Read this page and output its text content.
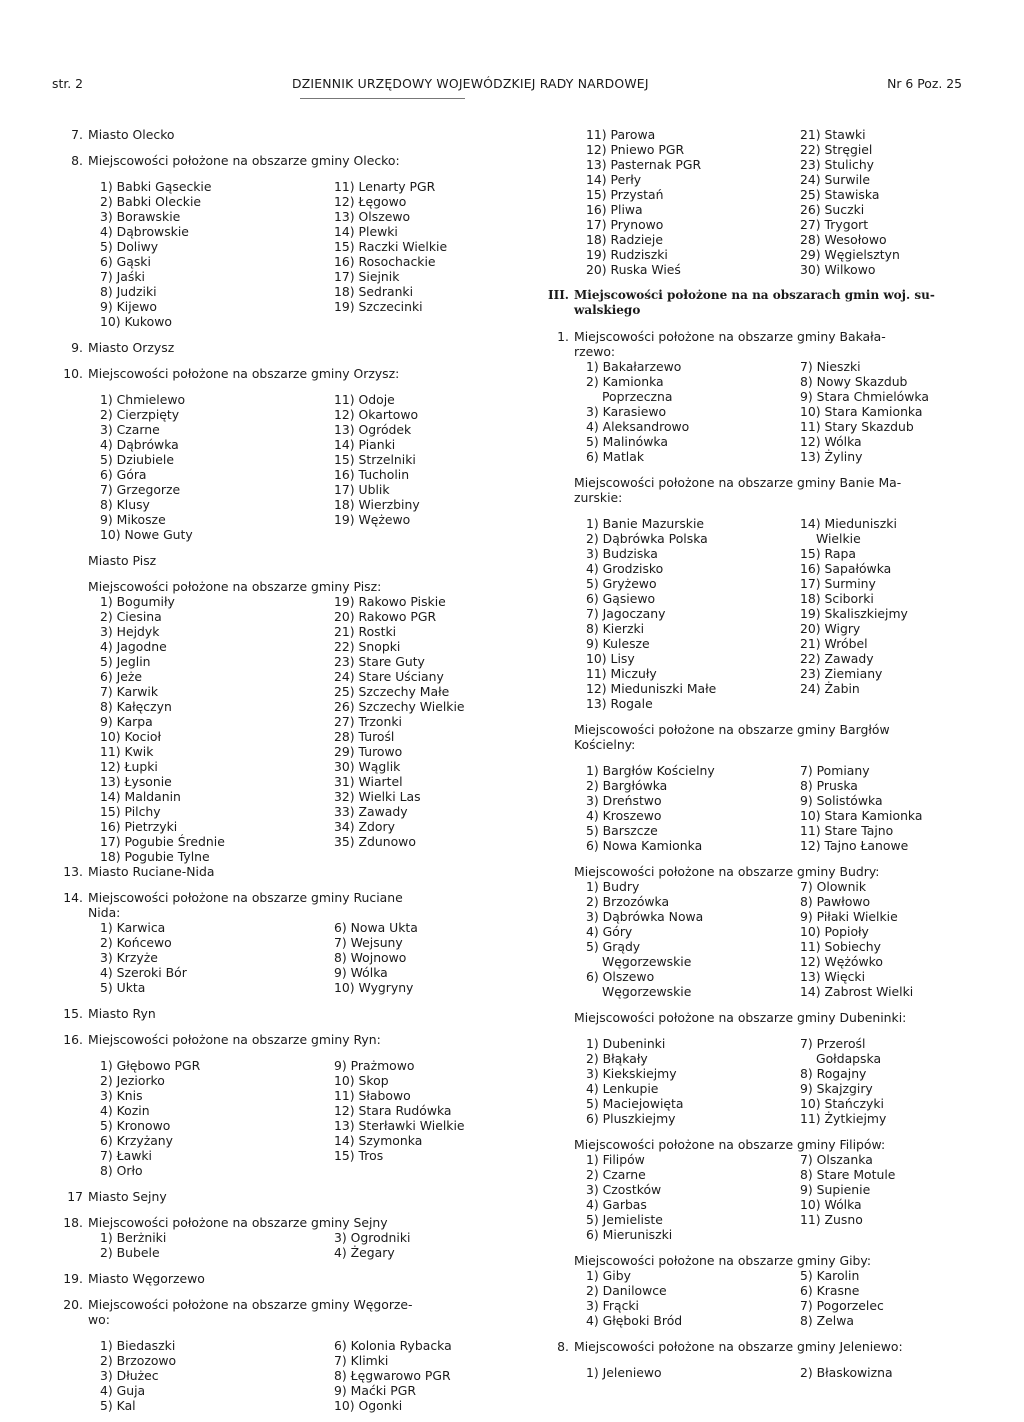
str. 2	DZIENNIK URZĘDOWY WOJEWÓDZKIEJ RADY NARDOWEJ	Nr 6 Poz. 25
7. Miasto Olecko
8. Miejscowości położone na obszarze gminy Olecko:
1) Babki Gąseckie	11) Lenarty PGR
2) Babki Oleckie	12) Łęgowo
3) Borawskie	13) Olszewo
4) Dąbrowskie	14) Plewki
5) Doliwy	15) Raczki Wielkie
6) Gąski	16) Rosochackie
7) Jaśki	17) Siejnik
8) Judziki	18) Sedranki
9) Kijewo	19) Szczecinki
10) Kukowo
9. Miasto Orzysz
10. Miejscowości położone na obszarze gminy Orzysz:
1) Chmielewo	11) Odoje
2) Cierzpięty	12) Okartowo
3) Czarne	13) Ogródek
4) Dąbrówka	14) Pianki
5) Dziubiele	15) Strzelniki
6) Góra	16) Tucholin
7) Grzegorze	17) Ublik
8) Klusy	18) Wierzbiny
9) Mikosze	19) Wężewo
10) Nowe Guty
Miasto Pisz
Miejscowości położone na obszarze gminy Pisz:
1) Bogumiły	19) Rakowo Piskie
2) Ciesina	20) Rakowo PGR
3) Hejdyk	21) Rostki
4) Jagodne	22) Snopki
5) Jeglin	23) Stare Guty
6) Jeże	24) Stare Uściany
7) Karwik	25) Szczechy Małe
8) Kałęczyn	26) Szczechy Wielkie
9) Karpa	27) Trzonki
10) Kocioł	28) Turośl
11) Kwik	29) Turowo
12) Łupki	30) Wąglik
13) Łysonie	31) Wiartel
14) Maldanin	32) Wielki Las
15) Pilchy	33) Zawady
16) Pietrzyki	34) Zdory
17) Pogubie Średnie	35) Zdunowo
18) Pogubie Tylne
13. Miasto Ruciane-Nida
14. Miejscowości położone na obszarze gminy Ruciane
Nida:
1) Karwica	6) Nowa Ukta
2) Końcewo	7) Wejsuny
3) Krzyże	8) Wojnowo
4) Szeroki Bór	9) Wólka
5) Ukta	10) Wygryny
15. Miasto Ryn
16. Miejscowości położone na obszarze gminy Ryn:
1) Głębowo PGR	9) Prażmowo
2) Jeziorko	10) Skop
3) Knis	11) Słabowo
4) Kozin	12) Stara Rudówka
5) Kronowo	13) Sterławki Wielkie
6) Krzyżany	14) Szymonka
7) Ławki	15) Tros
8) Orło
17 Miasto Sejny
18. Miejscowości położone na obszarze gminy Sejny
1) Berżniki	3) Ogrodniki
2) Bubele	4) Żegary
19. Miasto Węgorzewo
20. Miejscowości położone na obszarze gminy Węgorze-
wo:
1) Biedaszki	6) Kolonia Rybacka
2) Brzozowo	7) Klimki
3) Dłużec	8) Łęgwarowo PGR
4) Guja	9) Maćki PGR
5) Kal	10) Ogonki
11) Parowa	21) Stawki
12) Pniewo PGR	22) Stręgiel
13) Pasternak PGR	23) Stulichy
14) Perły	24) Surwile
15) Przystań	25) Stawiska
16) Pliwa	26) Suczki
17) Prynowo	27) Trygort
18) Radzieje	28) Wesołowo
19) Rudziszki	29) Węgielsztyn
20) Ruska Wieś	30) Wilkowo
III. Miejscowości położone na na obszarach gmin woj. su-
walskiego
1. Miejscowości położone na obszarze gminy Bakała-
rzewo:
1) Bakałarzewo	7) Nieszki
2) Kamionka	8) Nowy Skazdub
Poprzeczna	9) Stara Chmielówka
3) Karasiewo	10) Stara Kamionka
4) Aleksandrowo	11) Stary Skazdub
5) Malinówka	12) Wólka
6) Matlak	13) Żyliny
Miejscowości położone na obszarze gminy Banie Ma-
zurskie:
1) Banie Mazurskie	14) Mieduniszki
2) Dąbrówka Polska	Wielkie
3) Budziska	15) Rapa
4) Grodzisko	16) Sapałówka
5) Gryżewo	17) Surminy
6) Gąsiewo	18) Sciborki
7) Jagoczany	19) Skaliszkiejmy
8) Kierzki	20) Wigry
9) Kulesze	21) Wróbel
10) Lisy	22) Zawady
11) Miczuły	23) Ziemiany
12) Mieduniszki Małe	24) Żabin
13) Rogale
Miejscowości położone na obszarze gminy Bargłów
Kościelny:
1) Bargłów Kościelny	7) Pomiany
2) Bargłówka	8) Pruska
3) Dreństwo	9) Solistówka
4) Kroszewo	10) Stara Kamionka
5) Barszcze	11) Stare Tajno
6) Nowa Kamionka	12) Tajno Łanowe
Miejscowości położone na obszarze gminy Budry:
1) Budry	7) Olownik
2) Brzozówka	8) Pawłowo
3) Dąbrówka Nowa	9) Piłaki Wielkie
4) Góry	10) Popioły
5) Grądy	11) Sobiechy
Węgorzewskie	12) Wężówko
6) Olszewo	13) Więcki
Węgorzewskie	14) Zabrost Wielki
Miejscowości położone na obszarze gminy Dubeninki:
1) Dubeninki	7) Przerośl
2) Błąkały	Gołdapska
3) Kiekskiejmy	8) Rogajny
4) Lenkupie	9) Skajzgiry
5) Maciejowięta	10) Stańczyki
6) Pluszkiejmy	11) Żytkiejmy
Miejscowości położone na obszarze gminy Filipów:
1) Filipów	7) Olszanka
2) Czarne	8) Stare Motule
3) Czostków	9) Supienie
4) Garbas	10) Wólka
5) Jemieliste	11) Zusno
6) Mieruniszki
Miejscowości położone na obszarze gminy Giby:
1) Giby	5) Karolin
2) Danilowce	6) Krasne
3) Frącki	7) Pogorzelec
4) Głęboki Bród	8) Zelwa
8. Miejscowości położone na obszarze gminy Jeleniewo:
1) Jeleniewo	2) Błaskowizna
